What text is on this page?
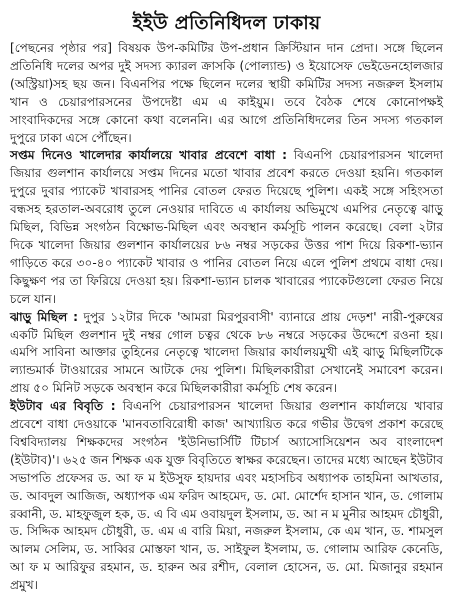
ইইউ প্রতিনিধিদল ঢাকায়

[পেছনের পৃষ্ঠার পর] বিষয়ক উপ-কমিটির উপ-প্রধান ক্রিস্টিয়ান দান প্রেদা। সঙ্গে ছিলেন প্রতিনিধি দলের অপর দুই সদস্য ক্যারল ক্রাসকি (পোল্যান্ড) ও ইয়োসেফ ভেইডেনহোলজার (অস্ট্রিয়া)সহ ছয় জন। বিএনপির পক্ষে ছিলেন দলের স্থায়ী কমিটির সদস্য নজরুল ইসলাম খান ও চেয়ারপারসনের উপদেষ্টা এম এ কাইয়ুম। তবে বৈঠক শেষে কোনোপক্ষই সাংবাদিকদের সঙ্গে কোনো কথা বলেননি। এর আগে প্রতিনিধিদলের তিন সদস্য গতকাল দুপুরে ঢাকা এসে পৌঁছেন।

সপ্তম দিনেও খালেদার কার্যালয়ে খাবার প্রবেশে বাধা : বিএনপি চেয়ারপারসন খালেদা জিয়ার গুলশান কার্যালয়ে সপ্তম দিনের মতো খাবার প্রবেশ করতে দেওয়া হয়নি। গতকাল দুপুরে দুবার প্যাকেট খাবারসহ পানির বোতল ফেরত দিয়েছে পুলিশ। একই সঙ্গে সহিংসতা বন্ধসহ হরতাল-অবরোধ তুলে নেওয়ার দাবিতে এ কার্যালয় অভিমুখে এমপির নেতৃত্বে ঝাড়ু মিছিল, বিভিন্ন সংগঠন বিক্ষোভ-মিছিল এবং অবস্থান কর্মসূচি পালন করেছে। বেলা ২টার দিকে খালেদা জিয়ার গুলশান কার্যালয়ের ৮৬ নম্বর সড়কের উত্তর পাশ দিয়ে রিকশা-ভ্যান গাড়িতে করে ৩০-৪০ প্যাকেট খাবার ও পানির বোতল নিয়ে এলে পুলিশ প্রথমে বাধা দেয়। কিছুক্ষণ পর তা ফিরিয়ে দেওয়া হয়। রিকশা-ভ্যান চালক খাবারের প্যাকেটগুলো ফেরত নিয়ে চলে যান।

ঝাড়ু মিছিল : দুপুর ১২টার দিকে 'আমরা মিরপুরবাসী' ব্যানারে প্রায় দেড়শ' নারী-পুরুষের একটি মিছিল গুলশান দুই নম্বর গোল চত্বর থেকে ৮৬ নম্বরে সড়কের উদ্দেশে রওনা হয়। এমপি সাবিনা আক্তার তুহিনের নেতৃত্বে খালেদা জিয়ার কার্যালয়মুখী এই ঝাড়ু মিছিলটিকে ল্যান্ডমার্ক টাওয়ারের সামনে আটকে দেয় পুলিশ। মিছিলকারীরা সেখানেই সমাবেশ করেন। প্রায় ৫০ মিনিট সড়কে অবস্থান করে মিছিলকারীরা কর্মসূচি শেষ করেন।

ইউটাব এর বিবৃতি : বিএনপি চেয়ারপারসন খালেদা জিয়ার গুলশান কার্যালয়ে খাবার প্রবেশে বাধা দেওয়াকে 'মানবতাবিরোধী কাজ' আখ্যায়িত করে গভীর উদ্বেগ প্রকাশ করেছে বিশ্ববিদ্যালয় শিক্ষকদের সংগঠন 'ইউনিভার্সিটি টিচার্স অ্যাসোসিয়েশন অব বাংলাদেশ (ইউটাব)'। ৬২৫ জন শিক্ষক এক যুক্ত বিবৃতিতে স্বাক্ষর করেছেন। তাদের মধ্যে আছেন ইউটাব সভাপতি প্রফেসর ড. আ ফ ম ইউসুফ হায়দার এবং মহাসচিব অধ্যাপক তাহমিনা আখতার, ড. আবদুল আজিজ, অধ্যাপক এম ফরিদ আহমেদ, ড. মো. মোর্শেদ হাসান খান, ড. গোলাম রব্বানী, ড. মাহফুজুল হক, ড. এ বি এম ওবায়দুল ইসলাম, ড. আ ন ম মুনীর আহমদ চৌধুরী, ড. সিদ্দিক আহমদ চৌধুরী, ড. এম এ বারি মিয়া, নজরুল ইসলাম, কে এম খান, ড. শামসুল আলম সেলিম, ড. সাব্বির মোস্তফা খান, ড. সাইফুল ইসলাম, ড. গোলাম আরিফ কেনেডি, আ ফ ম আরিফুর রহমান, ড. হারুন অর রশীদ, বেলাল হোসেন, ড. মো. মিজানুর রহমান প্রমুখ।
